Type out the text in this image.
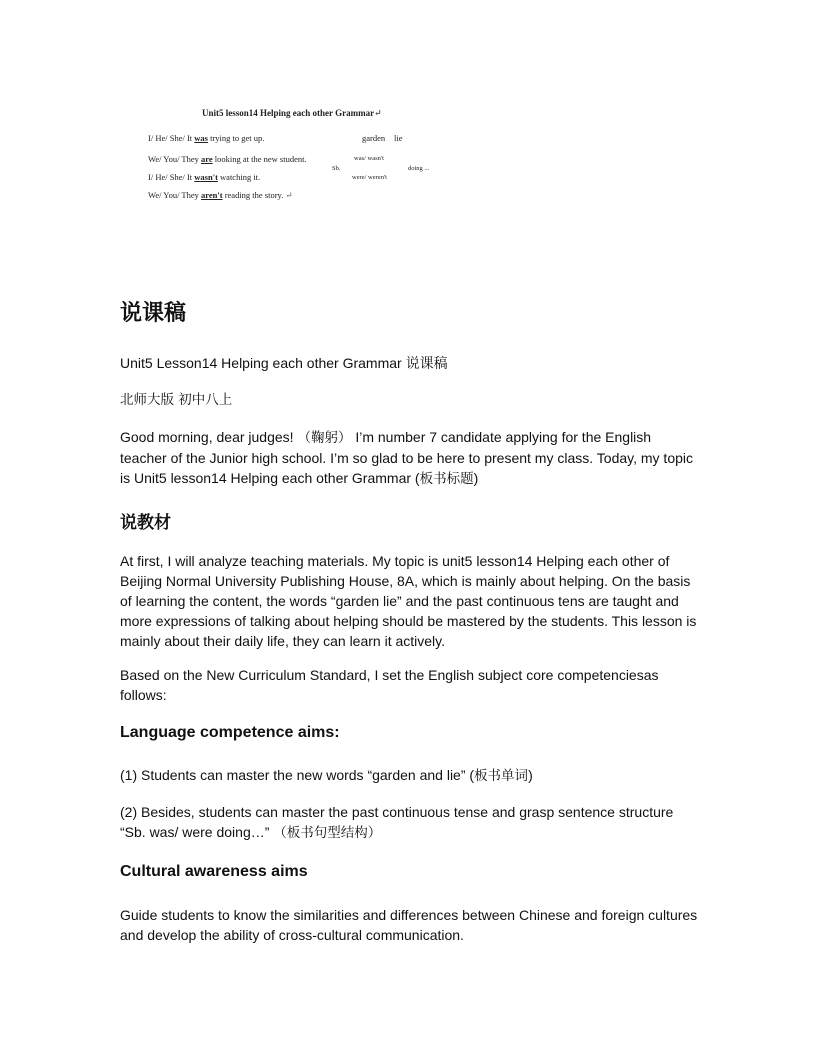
Unit5 lesson14 Helping each other Grammar↵
I/ He/ She/ It was trying to get up.
We/ You/ They are looking at the new student.
I/ He/ She/ It wasn't watching it.
We/ You/ They aren't reading the story. ↵
garden lie
Sb.
was/ wasn't
were/ weren't
doing ...
说课稿

Unit5 Lesson14 Helping each other Grammar 说课稿

北师大版 初中八上

Good morning, dear judges! （鞠躬） I’m number 7 candidate applying for the English teacher of the Junior high school. I’m so glad to be here to present my class. Today, my topic is Unit5 lesson14 Helping each other Grammar (板书标题)

说教材

At first, I will analyze teaching materials. My topic is unit5 lesson14 Helping each other of Beijing Normal University Publishing House, 8A, which is mainly about helping. On the basis of learning the content, the words “garden lie” and the past continuous tens are taught and more expressions of talking about helping should be mastered by the students. This lesson is mainly about their daily life, they can learn it actively.

Based on the New Curriculum Standard, I set the English subject core competenciesas follows:

Language competence aims:

(1) Students can master the new words “garden and lie” (板书单词)

(2) Besides, students can master the past continuous tense and grasp sentence structure “Sb. was/ were doing…” （板书句型结构）

Cultural awareness aims

Guide students to know the similarities and differences between Chinese and foreign cultures and develop the ability of cross-cultural communication.
